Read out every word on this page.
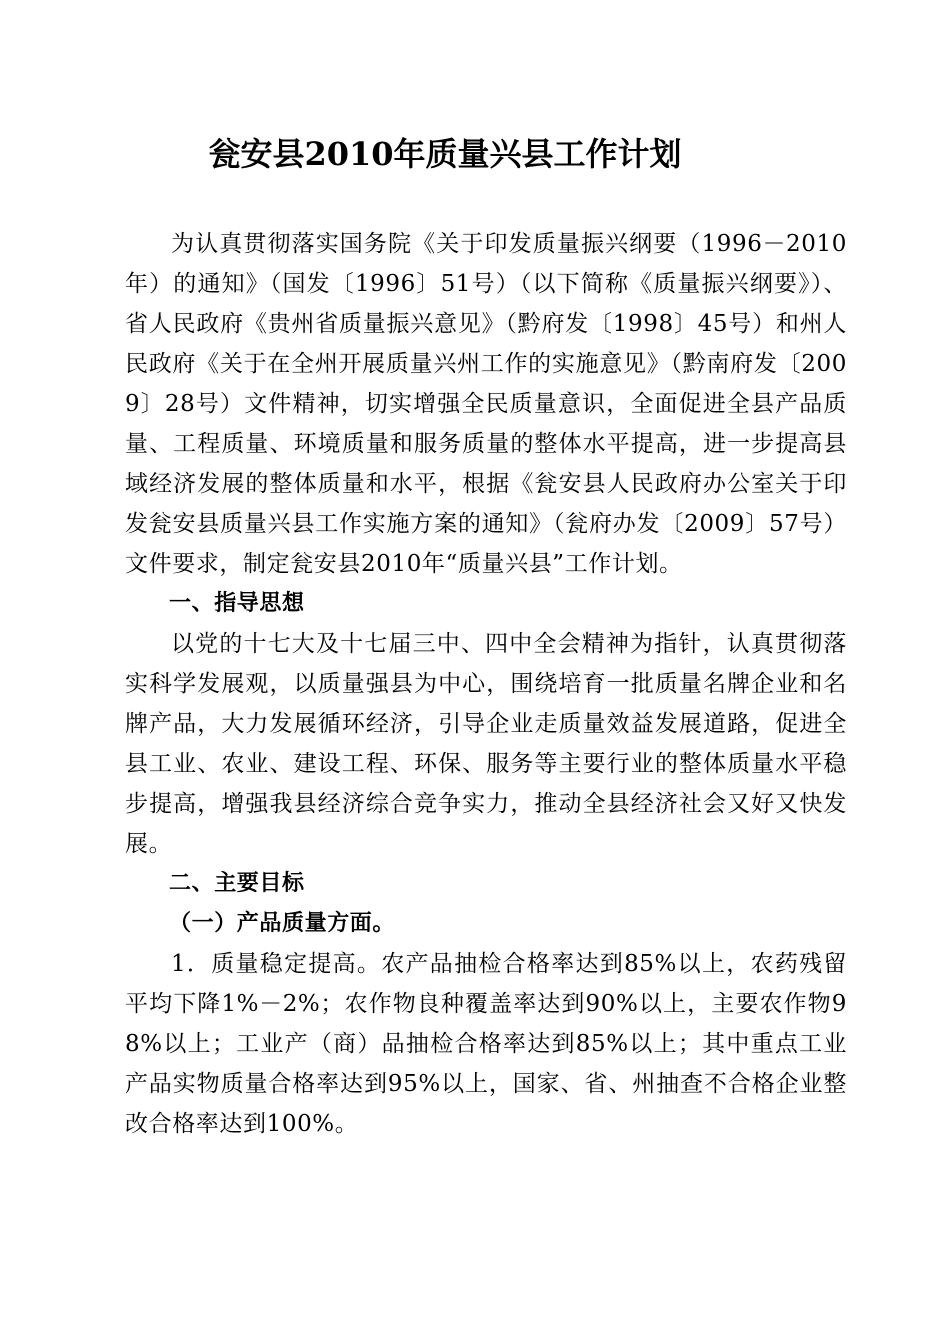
瓮安县2010年质量兴县工作计划

为认真贯彻落实国务院《关于印发质量振兴纲要（1996－2010年）的通知》（国发〔1996〕51号）（以下简称《质量振兴纲要》）、省人民政府《贵州省质量振兴意见》（黔府发〔1998〕45号）和州人民政府《关于在全州开展质量兴州工作的实施意见》（黔南府发〔2009〕28号）文件精神，切实增强全民质量意识，全面促进全县产品质量、工程质量、环境质量和服务质量的整体水平提高，进一步提高县域经济发展的整体质量和水平，根据《瓮安县人民政府办公室关于印发瓮安县质量兴县工作实施方案的通知》（瓮府办发〔2009〕57号）文件要求，制定瓮安县2010年“质量兴县”工作计划。

一、指导思想

以党的十七大及十七届三中、四中全会精神为指针，认真贯彻落实科学发展观，以质量强县为中心，围绕培育一批质量名牌企业和名牌产品，大力发展循环经济，引导企业走质量效益发展道路，促进全县工业、农业、建设工程、环保、服务等主要行业的整体质量水平稳步提高，增强我县经济综合竞争实力，推动全县经济社会又好又快发展。

二、主要目标

（一）产品质量方面。

1．质量稳定提高。农产品抽检合格率达到85%以上，农药残留平均下降1%－2%；农作物良种覆盖率达到90%以上，主要农作物98%以上；工业产（商）品抽检合格率达到85%以上；其中重点工业产品实物质量合格率达到95%以上，国家、省、州抽查不合格企业整改合格率达到100%。
